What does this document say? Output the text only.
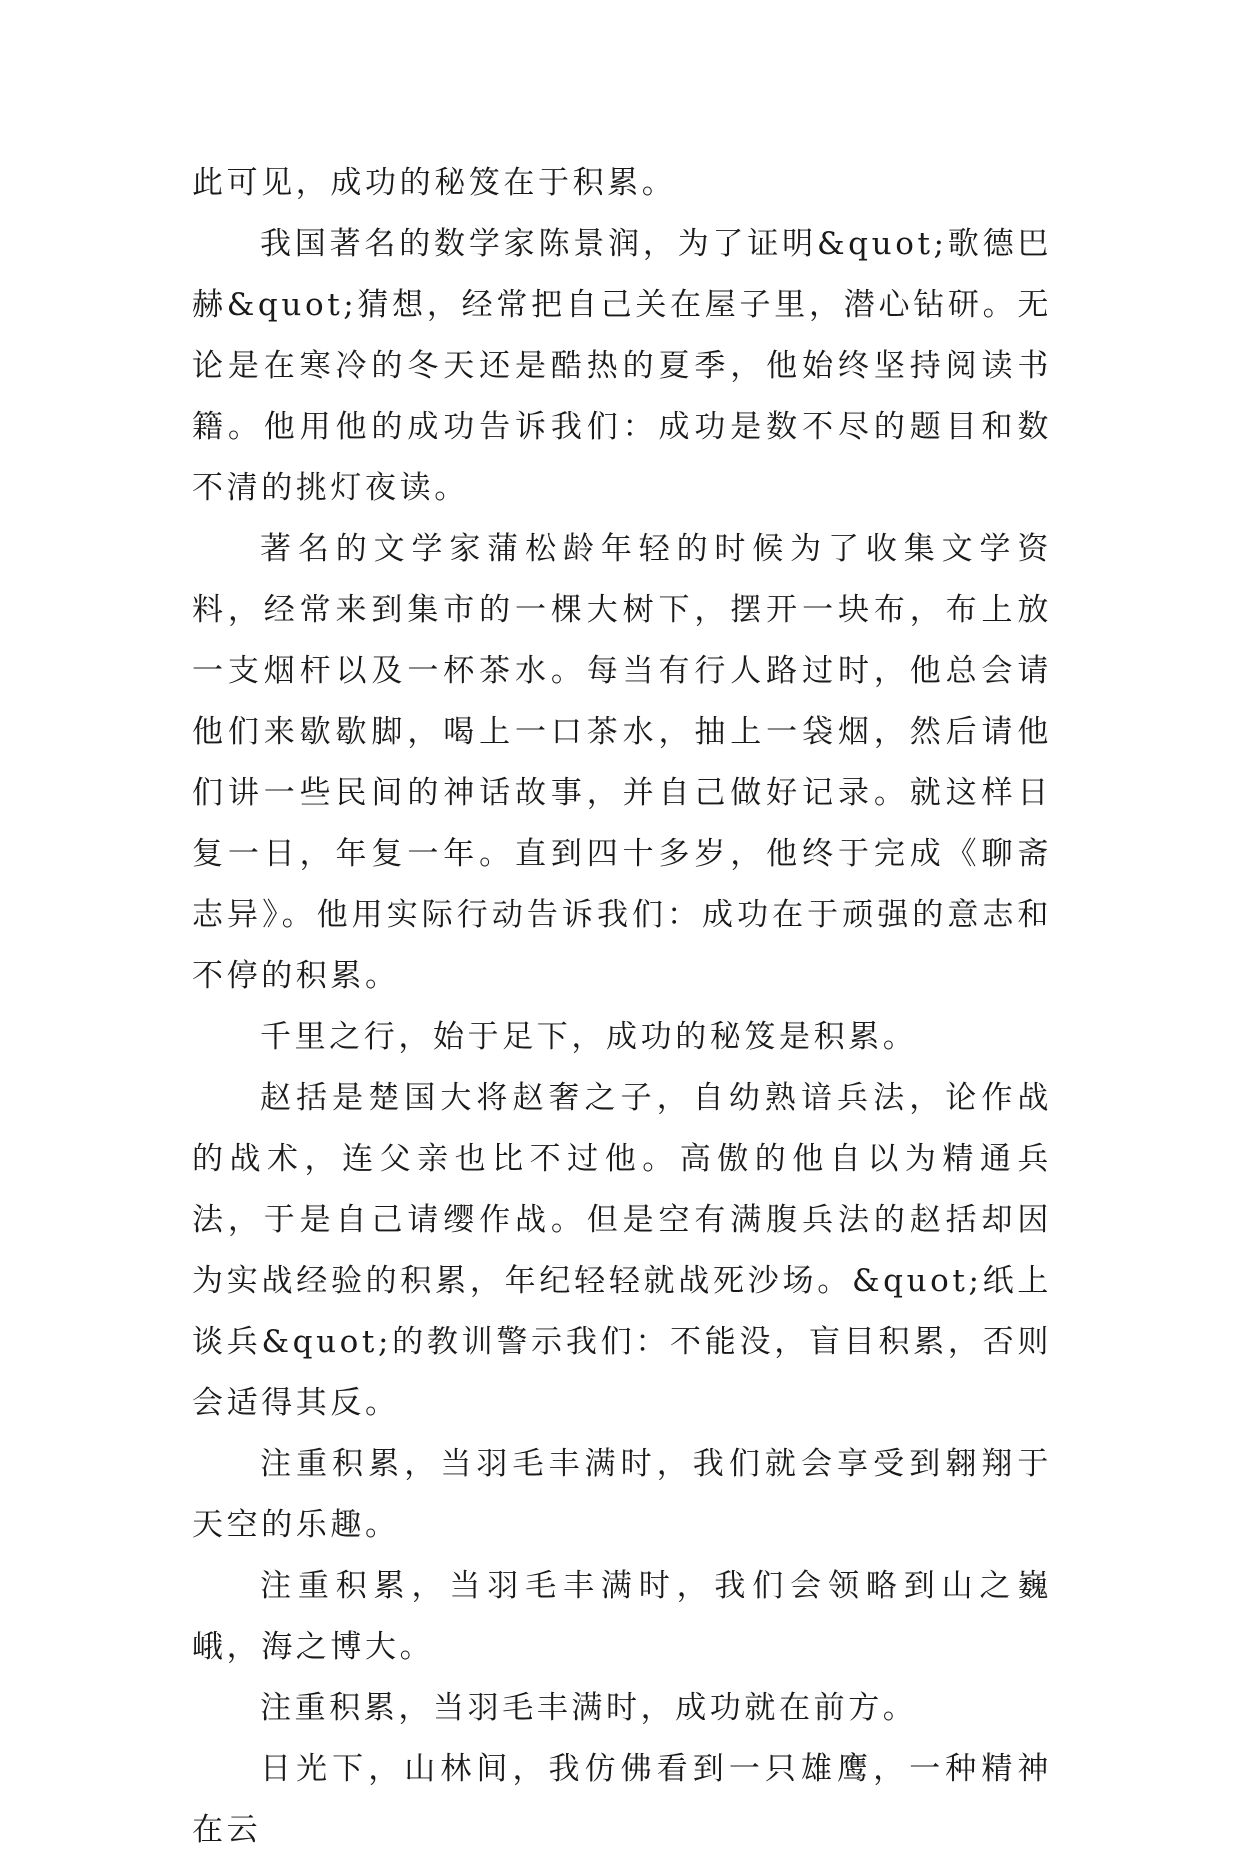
此可见，成功的秘笈在于积累。

我国著名的数学家陈景润，为了证明&quot;歌德巴赫&quot;猜想，经常把自己关在屋子里，潜心钻研。无论是在寒冷的冬天还是酷热的夏季，他始终坚持阅读书籍。他用他的成功告诉我们：成功是数不尽的题目和数不清的挑灯夜读。

著名的文学家蒲松龄年轻的时候为了收集文学资料，经常来到集市的一棵大树下，摆开一块布，布上放一支烟杆以及一杯茶水。每当有行人路过时，他总会请他们来歇歇脚，喝上一口茶水，抽上一袋烟，然后请他们讲一些民间的神话故事，并自己做好记录。就这样日复一日，年复一年。直到四十多岁，他终于完成《聊斋志异》。他用实际行动告诉我们：成功在于顽强的意志和不停的积累。

千里之行，始于足下，成功的秘笈是积累。

赵括是楚国大将赵奢之子，自幼熟谙兵法，论作战的战术，连父亲也比不过他。高傲的他自以为精通兵法，于是自己请缨作战。但是空有满腹兵法的赵括却因为实战经验的积累，年纪轻轻就战死沙场。&quot;纸上谈兵&quot;的教训警示我们：不能没，盲目积累，否则会适得其反。

注重积累，当羽毛丰满时，我们就会享受到翱翔于天空的乐趣。

注重积累，当羽毛丰满时，我们会领略到山之巍峨，海之博大。

注重积累，当羽毛丰满时，成功就在前方。

日光下，山林间，我仿佛看到一只雄鹰，一种精神在云
